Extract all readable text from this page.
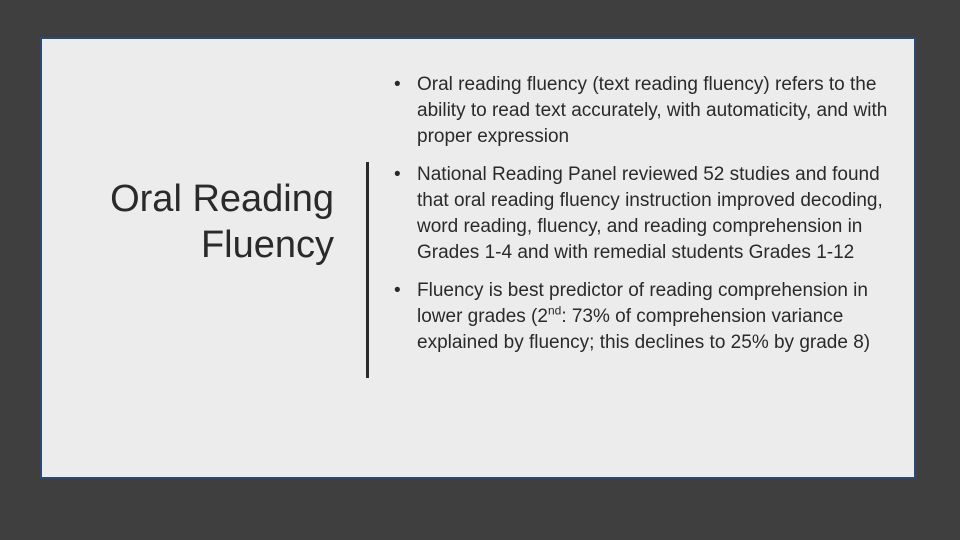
Oral Reading
Fluency
• Oral reading fluency (text reading fluency) refers to the ability to read text accurately, with automaticity, and with proper expression
• National Reading Panel reviewed 52 studies and found that oral reading fluency instruction improved decoding, word reading, fluency, and reading comprehension in Grades 1-4 and with remedial students Grades 1-12
• Fluency is best predictor of reading comprehension in lower grades (2nd: 73% of comprehension variance explained by fluency; this declines to 25% by grade 8)
